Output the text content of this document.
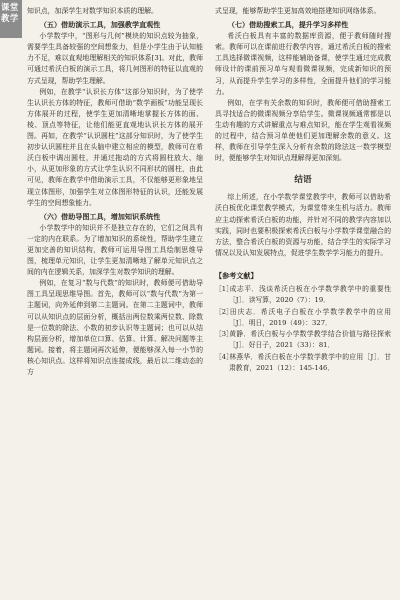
课堂
教学

知识点，加深学生对数学知识本质的理解。

（五）借助演示工具，加强教学直观性

小学数学中，“图形与几何”模块的知识点较为抽象，需要学生具备较强的空间想象力，但是小学生由于认知能力不足，难以直观地理解相关的知识体系[3]。对此，教师可通过希沃白板的演示工具，将几何图形的特征以直观的方式呈现，帮助学生理解。

例如，在教学“认识长方体”这部分知识时，为了使学生认识长方体的特征，教师可借助“数学画板”功能呈现长方体展开的过程，使学生更加清晰地掌握长方体的面、棱、顶点等特征，让他们能更直观地认识长方体的展开图。再如，在教学“认识圆柱”这部分知识时，为了使学生初步认识圆柱并且在头脑中建立相应的模型，教师可在希沃白板中调出圆柱，并通过拖动的方式将圆柱放大、缩小，从更加形象的方式让学生认识不同形状的圆柱，由此可见，教师在教学中借助演示工具，不仅能够更形象地呈现立体图形，加强学生对立体图形特征的认识，还能发展学生的空间想象能力。

（六）借助导图工具，增加知识系统性

小学数学中的知识并不是独立存在的，它们之间具有一定的内在联系。为了增加知识的系统性，帮助学生建立更加完善的知识结构，教师可运用导图工具绘制思维导图，梳理单元知识，让学生更加清晰地了解单元知识点之间的内在逻辑关系，加深学生对数学知识的理解。

例如，在复习“数与代数”的知识时，教师便可借助导图工具呈现思维导图。首先，教师可以“数与代数”为第一主题词，向外延伸到第二主题词。在第二主题词中，教师可以从知识点的层面分析，概括出两位数乘两位数、除数是一位数的除法、小数的初步认识等主题词；也可以从结构层面分析，增加单位口算、估算、计算、解决问题等主题词。接着，将主题词再次延伸，便能够深入每一小节的核心知识点。这样将知识点连接成线，最后以二维动态的方

式呈现，能够帮助学生更加高效地搭建知识网络体系。

（七）借助搜索工具，提升学习多样性

希沃白板具有丰富的数据库资源，便于教师随时搜索。教师可以在课前进行教学内容，通过希沃白板的搜索工具选择微课视频，这样能辅助备课，使学生通过完成教师设计的课前预习单与观看微课视频，完成新知识的预习，从而提升学生学习的多样性，全面提升他们的学习能力。

例如，在学有关余数的知识时，教师便可借助搜索工具寻找适合的微课视频分享给学生。微课视频通常都是以生动有趣的方式讲解重点与难点知识，能在学生观看视频的过程中，结合预习单使他们更加理解余数的意义。这样，教师在引导学生深入分析有余数的除法这一数学模型时，便能够学生对知识点理解得更加深刻。

结语

综上所述，在小学数学课堂教学中，教师可以借助希沃白板优化课堂教学模式，为课堂带来生机与活力。教师应主动探索希沃白板的功能，并针对不同的教学内容加以实践，同时也要积极探索希沃白板与小学数学课堂融合的方法，整合希沃白板的资源与功能，结合学生的实际学习情况以及认知发展特点，促进学生数学学习能力的提升。

【参考文献】
［1］成志平．浅谈希沃白板在小学数学教学中的重要性［J］．读写算，2020（7）：19．
［2］田庆志．希沃电子白板在小学数学教学中的应用［J］．明日，2019（49）：327．
［3］黄静．希沃白板与小学数学教学结合价值与路径探索［J］．好日子，2021（33）：81．
［4］林燕华．希沃白板在小学数学教学中的应用［J］．甘肃教育，2021（12）：145-146．
